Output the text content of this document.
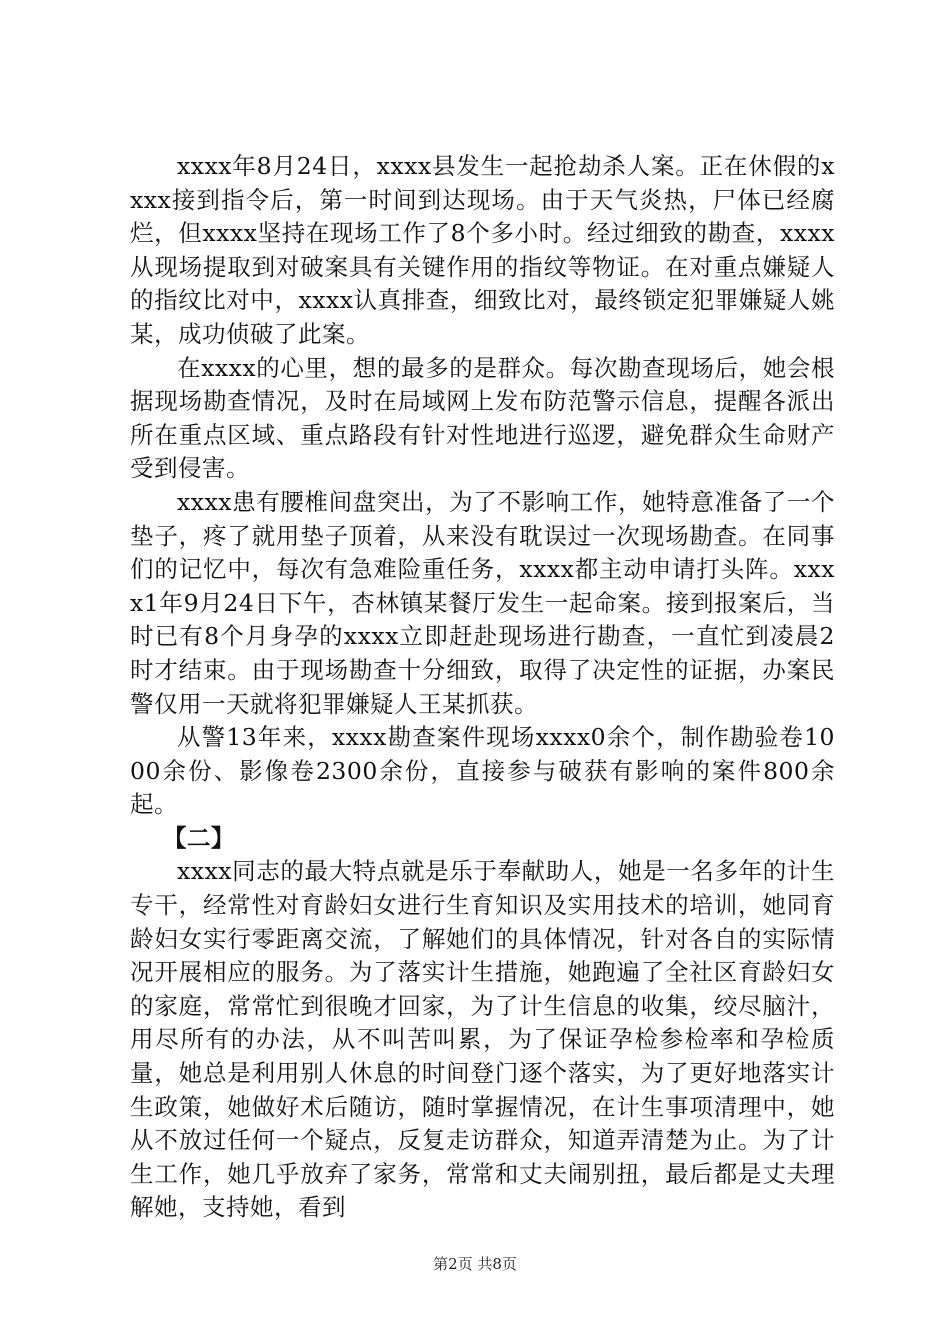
xxxx年8月24日，xxxx县发生一起抢劫杀人案。正在休假的xxxx接到指令后，第一时间到达现场。由于天气炎热，尸体已经腐烂，但xxxx坚持在现场工作了8个多小时。经过细致的勘查，xxxx从现场提取到对破案具有关键作用的指纹等物证。在对重点嫌疑人的指纹比对中，xxxx认真排查，细致比对，最终锁定犯罪嫌疑人姚某，成功侦破了此案。

在xxxx的心里，想的最多的是群众。每次勘查现场后，她会根据现场勘查情况，及时在局域网上发布防范警示信息，提醒各派出所在重点区域、重点路段有针对性地进行巡逻，避免群众生命财产受到侵害。

xxxx患有腰椎间盘突出，为了不影响工作，她特意准备了一个垫子，疼了就用垫子顶着，从来没有耽误过一次现场勘查。在同事们的记忆中，每次有急难险重任务，xxxx都主动申请打头阵。xxxx1年9月24日下午，杏林镇某餐厅发生一起命案。接到报案后，当时已有8个月身孕的xxxx立即赶赴现场进行勘查，一直忙到凌晨2时才结束。由于现场勘查十分细致，取得了决定性的证据，办案民警仅用一天就将犯罪嫌疑人王某抓获。

从警13年来，xxxx勘查案件现场xxxx0余个，制作勘验卷1000余份、影像卷2300余份，直接参与破获有影响的案件800余起。

【二】

xxxx同志的最大特点就是乐于奉献助人，她是一名多年的计生专干，经常性对育龄妇女进行生育知识及实用技术的培训，她同育龄妇女实行零距离交流，了解她们的具体情况，针对各自的实际情况开展相应的服务。为了落实计生措施，她跑遍了全社区育龄妇女的家庭，常常忙到很晚才回家，为了计生信息的收集，绞尽脑汁，用尽所有的办法，从不叫苦叫累，为了保证孕检参检率和孕检质量，她总是利用别人休息的时间登门逐个落实，为了更好地落实计生政策，她做好术后随访，随时掌握情况，在计生事项清理中，她从不放过任何一个疑点，反复走访群众，知道弄清楚为止。为了计生工作，她几乎放弃了家务，常常和丈夫闹别扭，最后都是丈夫理解她，支持她，看到

第2页 共8页
